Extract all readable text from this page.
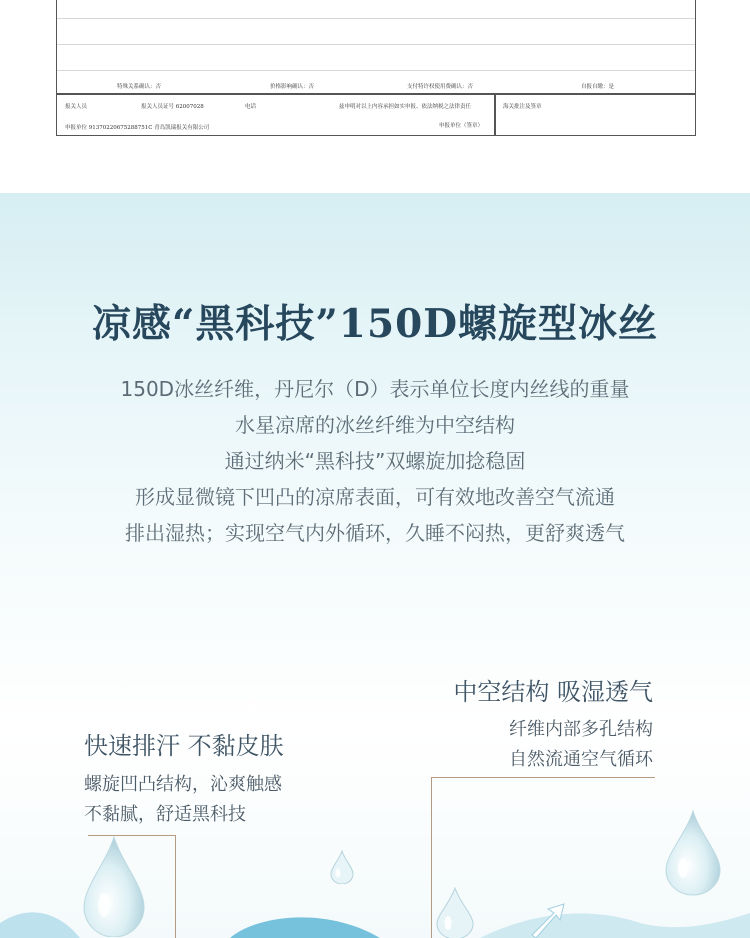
特殊关系确认：否	价格影响确认：否	支付特许权使用费确认：否	自报自缴：是
报关人员	报关人员证号 62007028	电话	兹申明对以上内容承担如实申报、依法纳税之法律责任	海关批注及签章
申报单位 91370220675288751C 青岛凯瑞报关有限公司	申报单位（签章）
凉感“黑科技”150D螺旋型冰丝
150D冰丝纤维，丹尼尔（D）表示单位长度内丝线的重量
水星凉席的冰丝纤维为中空结构
通过纳米“黑科技”双螺旋加捻稳固
形成显微镜下凹凸的凉席表面，可有效地改善空气流通
排出湿热；实现空气内外循环，久睡不闷热，更舒爽透气
中空结构 吸湿透气
纤维内部多孔结构
自然流通空气循环
快速排汗 不黏皮肤
螺旋凹凸结构，沁爽触感
不黏腻，舒适黑科技
